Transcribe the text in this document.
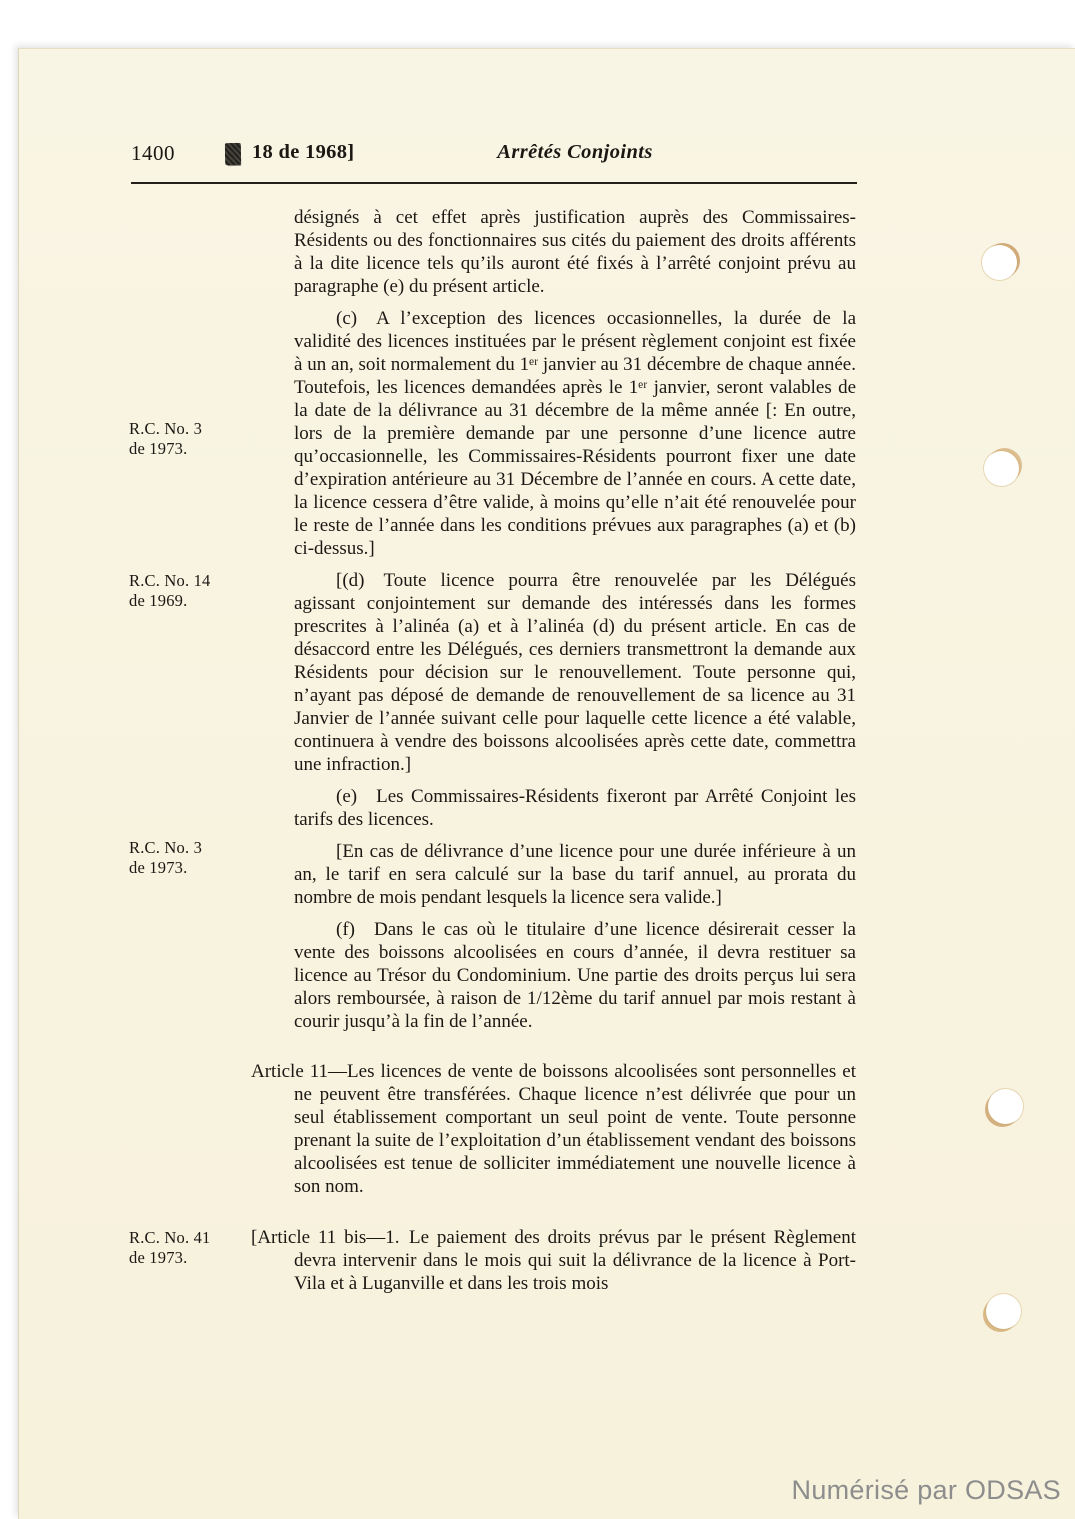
1400	18 de 1968]	Arrêtés Conjoints
désignés à cet effet après justification auprès des Commissaires-Résidents ou des fonctionnaires sus cités du paiement des droits afférents à la dite licence tels qu’ils auront été fixés à l’arrêté conjoint prévu au paragraphe (e) du présent article.
R.C. No. 3
de 1973.
(c) A l’exception des licences occasionnelles, la durée de la validité des licences instituées par le présent règlement conjoint est fixée à un an, soit normalement du 1ᵉʳ janvier au 31 décembre de chaque année. Toutefois, les licences demandées après le 1ᵉʳ janvier, seront valables de la date de la délivrance au 31 décembre de la même année [: En outre, lors de la première demande par une personne d’une licence autre qu’occasionnelle, les Commissaires-Résidents pourront fixer une date d’expiration antérieure au 31 Décembre de l’année en cours. A cette date, la licence cessera d’être valide, à moins qu’elle n’ait été renouvelée pour le reste de l’année dans les conditions prévues aux paragraphes (a) et (b) ci-dessus.]
R.C. No. 14
de 1969.
[(d) Toute licence pourra être renouvelée par les Délégués agissant conjointement sur demande des intéressés dans les formes prescrites à l’alinéa (a) et à l’alinéa (d) du présent article. En cas de désaccord entre les Délégués, ces derniers transmettront la demande aux Résidents pour décision sur le renouvellement. Toute personne qui, n’ayant pas déposé de demande de renouvellement de sa licence au 31 Janvier de l’année suivant celle pour laquelle cette licence a été valable, continuera à vendre des boissons alcoolisées après cette date, commettra une infraction.]
(e) Les Commissaires-Résidents fixeront par Arrêté Conjoint les tarifs des licences.
R.C. No. 3
de 1973.
[En cas de délivrance d’une licence pour une durée inférieure à un an, le tarif en sera calculé sur la base du tarif annuel, au prorata du nombre de mois pendant lesquels la licence sera valide.]
(f) Dans le cas où le titulaire d’une licence désirerait cesser la vente des boissons alcoolisées en cours d’année, il devra restituer sa licence au Trésor du Condominium. Une partie des droits perçus lui sera alors remboursée, à raison de 1/12ème du tarif annuel par mois restant à courir jusqu’à la fin de l’année.
Article 11—Les licences de vente de boissons alcoolisées sont personnelles et ne peuvent être transférées. Chaque licence n’est délivrée que pour un seul établissement comportant un seul point de vente. Toute personne prenant la suite de l’exploitation d’un établissement vendant des boissons alcoolisées est tenue de solliciter immédiatement une nouvelle licence à son nom.
R.C. No. 41
de 1973.
[Article 11 bis—1. Le paiement des droits prévus par le présent Règlement devra intervenir dans le mois qui suit la délivrance de la licence à Port-Vila et à Luganville et dans les trois mois
Numérisé par ODSAS
